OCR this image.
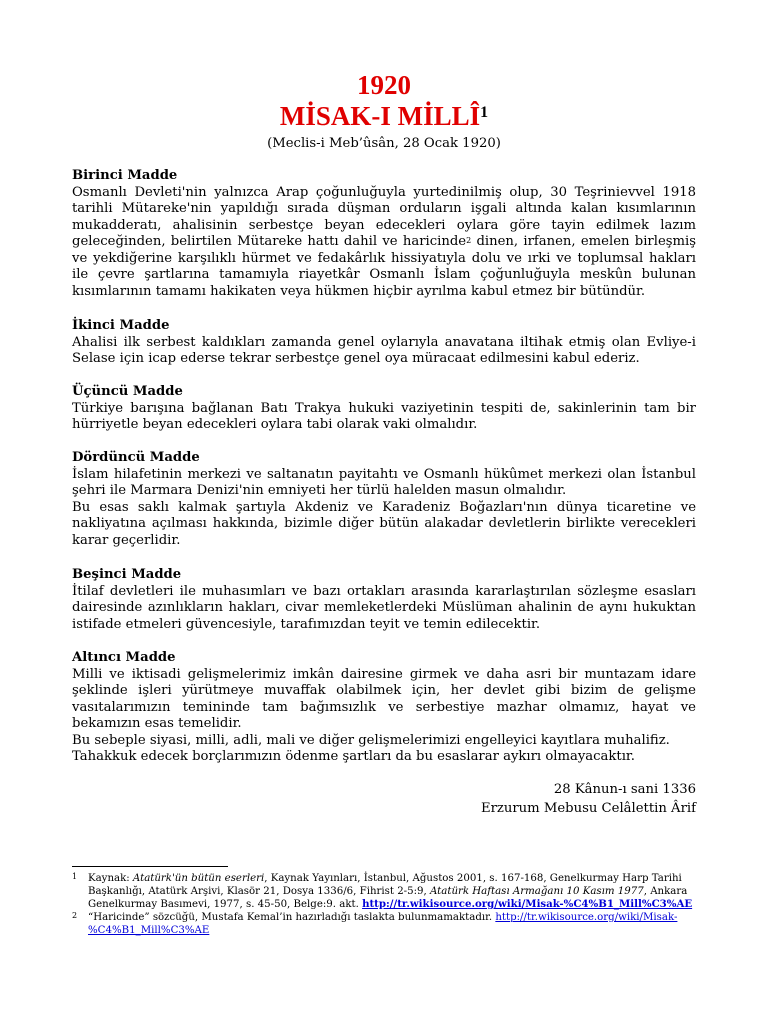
1920
MİSAK-I MİLLÎ$^1$
(Meclis-i Meb’ûsân, 28 Ocak 1920)
Birinci Madde

Osmanlı Devleti'nin yalnızca Arap çoğunluğuyla yurtedinilmiş olup, 30 Teşrinievvel 1918 tarihli Mütareke'nin yapıldığı sırada düşman orduların işgali altında kalan kısımlarının mukadderatı, ahalisinin serbestçe beyan edecekleri oylara göre tayin edilmek lazım geleceğinden, belirtilen Mütareke hattı dahil ve haricinde$^2$ dinen, irfanen, emelen birleşmiş ve yekdiğerine karşılıklı hürmet ve fedakârlık hissiyatıyla dolu ve ırki ve toplumsal hakları ile çevre şartlarına tamamıyla riayetkâr Osmanlı İslam çoğunluğuyla meskûn bulunan kısımlarının tamamı hakikaten veya hükmen hiçbir ayrılma kabul etmez bir bütündür.

İkinci Madde

Ahalisi ilk serbest kaldıkları zamanda genel oylarıyla anavatana iltihak etmiş olan Evliye-i Selase için icap ederse tekrar serbestçe genel oya müracaat edilmesini kabul ederiz.

Üçüncü Madde

Türkiye barışına bağlanan Batı Trakya hukuki vaziyetinin tespiti de, sakinlerinin tam bir hürriyetle beyan edecekleri oylara tabi olarak vaki olmalıdır.

Dördüncü Madde

İslam hilafetinin merkezi ve saltanatın payitahtı ve Osmanlı hükûmet merkezi olan İstanbul şehri ile Marmara Denizi'nin emniyeti her türlü halelden masun olmalıdır.

Bu esas saklı kalmak şartıyla Akdeniz ve Karadeniz Boğazları'nın dünya ticaretine ve nakliyatına açılması hakkında, bizimle diğer bütün alakadar devletlerin birlikte verecekleri karar geçerlidir.

Beşinci Madde

İtilaf devletleri ile muhasımları ve bazı ortakları arasında kararlaştırılan sözleşme esasları dairesinde azınlıkların hakları, civar memleketlerdeki Müslüman ahalinin de aynı hukuktan istifade etmeleri güvencesiyle, tarafımızdan teyit ve temin edilecektir.

Altıncı Madde

Milli ve iktisadi gelişmelerimiz imkân dairesine girmek ve daha asri bir muntazam idare şeklinde işleri yürütmeye muvaffak olabilmek için, her devlet gibi bizim de gelişme vasıtalarımızın temininde tam bağımsızlık ve serbestiye mazhar olmamız, hayat ve bekamızın esas temelidir.

Bu sebeple siyasi, milli, adli, mali ve diğer gelişmelerimizi engelleyici kayıtlara muhalifiz.

Tahakkuk edecek borçlarımızın ödenme şartları da bu esaslarar aykırı olmayacaktır.

28 Kânun-ı sani 1336
Erzurum Mebusu Celâlettin Ârif
1 Kaynak: Atatürk'ün bütün eserleri, Kaynak Yayınları, İstanbul, Ağustos 2001, s. 167-168, Genelkurmay Harp Tarihi Başkanlığı, Atatürk Arşivi, Klasör 21, Dosya 1336/6, Fihrist 2-5:9, Atatürk Haftası Armağanı 10 Kasım 1977, Ankara Genelkurmay Basımevi, 1977, s. 45-50, Belge:9. akt. http://tr.wikisource.org/wiki/Misak-%C4%B1_Mill%C3%AE
2 “Haricinde” sözcüğü, Mustafa Kemal’in hazırladığı taslakta bulunmamaktadır. http://tr.wikisource.org/wiki/Misak-%C4%B1_Mill%C3%AE
